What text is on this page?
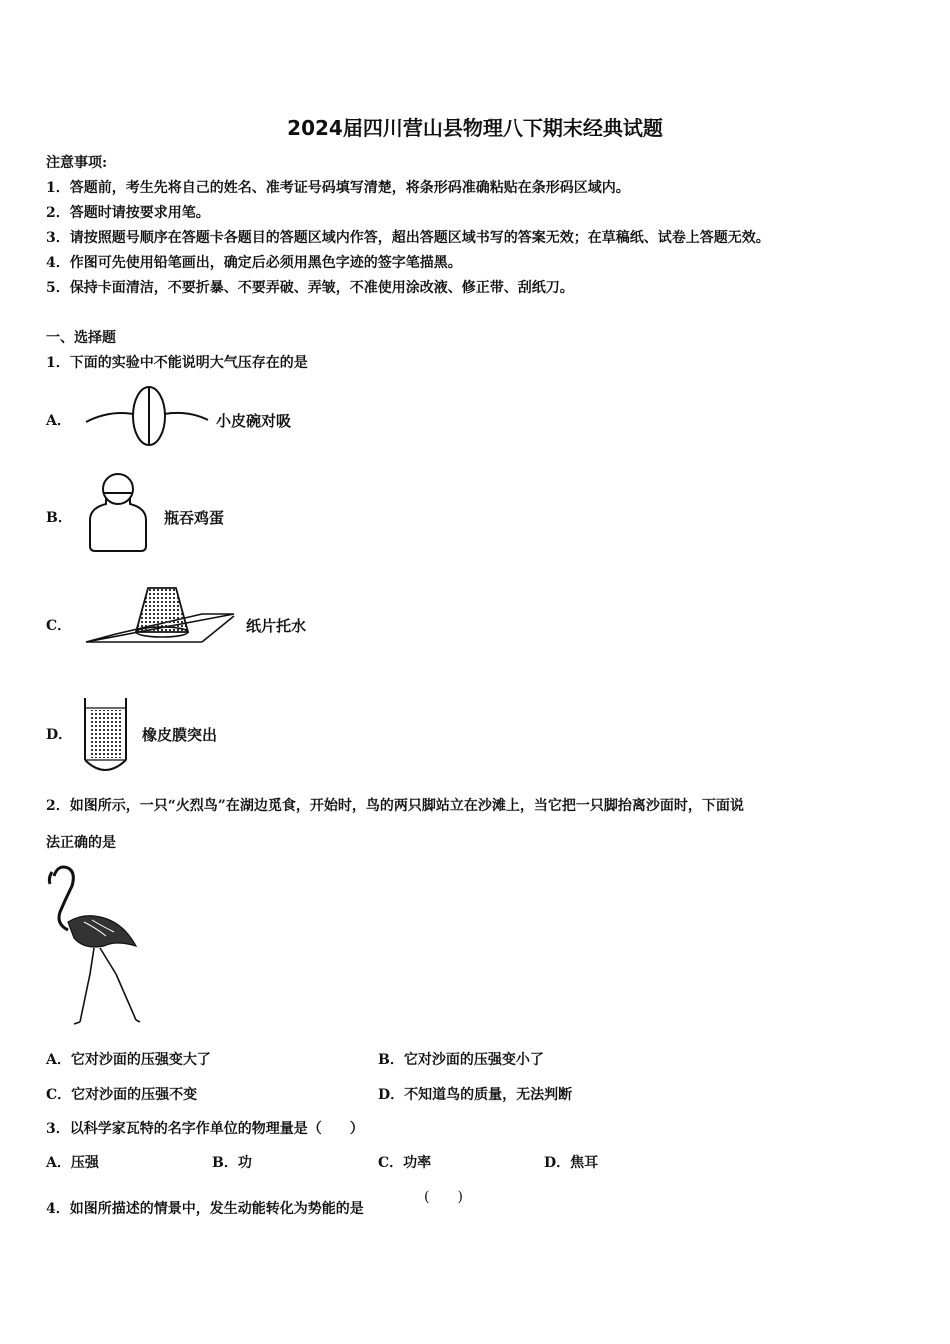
2024届四川营山县物理八下期末经典试题
注意事项:
1．答题前，考生先将自己的姓名、准考证号码填写清楚，将条形码准确粘贴在条形码区域内。
2．答题时请按要求用笔。
3．请按照题号顺序在答题卡各题目的答题区域内作答，超出答题区域书写的答案无效；在草稿纸、试卷上答题无效。
4．作图可先使用铅笔画出，确定后必须用黑色字迹的签字笔描黑。
5．保持卡面清洁，不要折暴、不要弄破、弄皱，不准使用涂改液、修正带、刮纸刀。
一、选择题
1．下面的实验中不能说明大气压存在的是
A．	小皮碗对吸
B．	瓶吞鸡蛋
C．	纸片托水
D．	橡皮膜突出
2．如图所示，一只“火烈鸟”在湖边觅食，开始时，鸟的两只脚站立在沙滩上，当它把一只脚抬离沙面时，下面说
法正确的是
A．它对沙面的压强变大了	B．它对沙面的压强变小了
C．它对沙面的压强不变	D．不知道鸟的质量，无法判断
3．以科学家瓦特的名字作单位的物理量是（　　）
A．压强	B．功	C．功率	D．焦耳
4．如图所描述的情景中，发生动能转化为势能的是
(　　)
